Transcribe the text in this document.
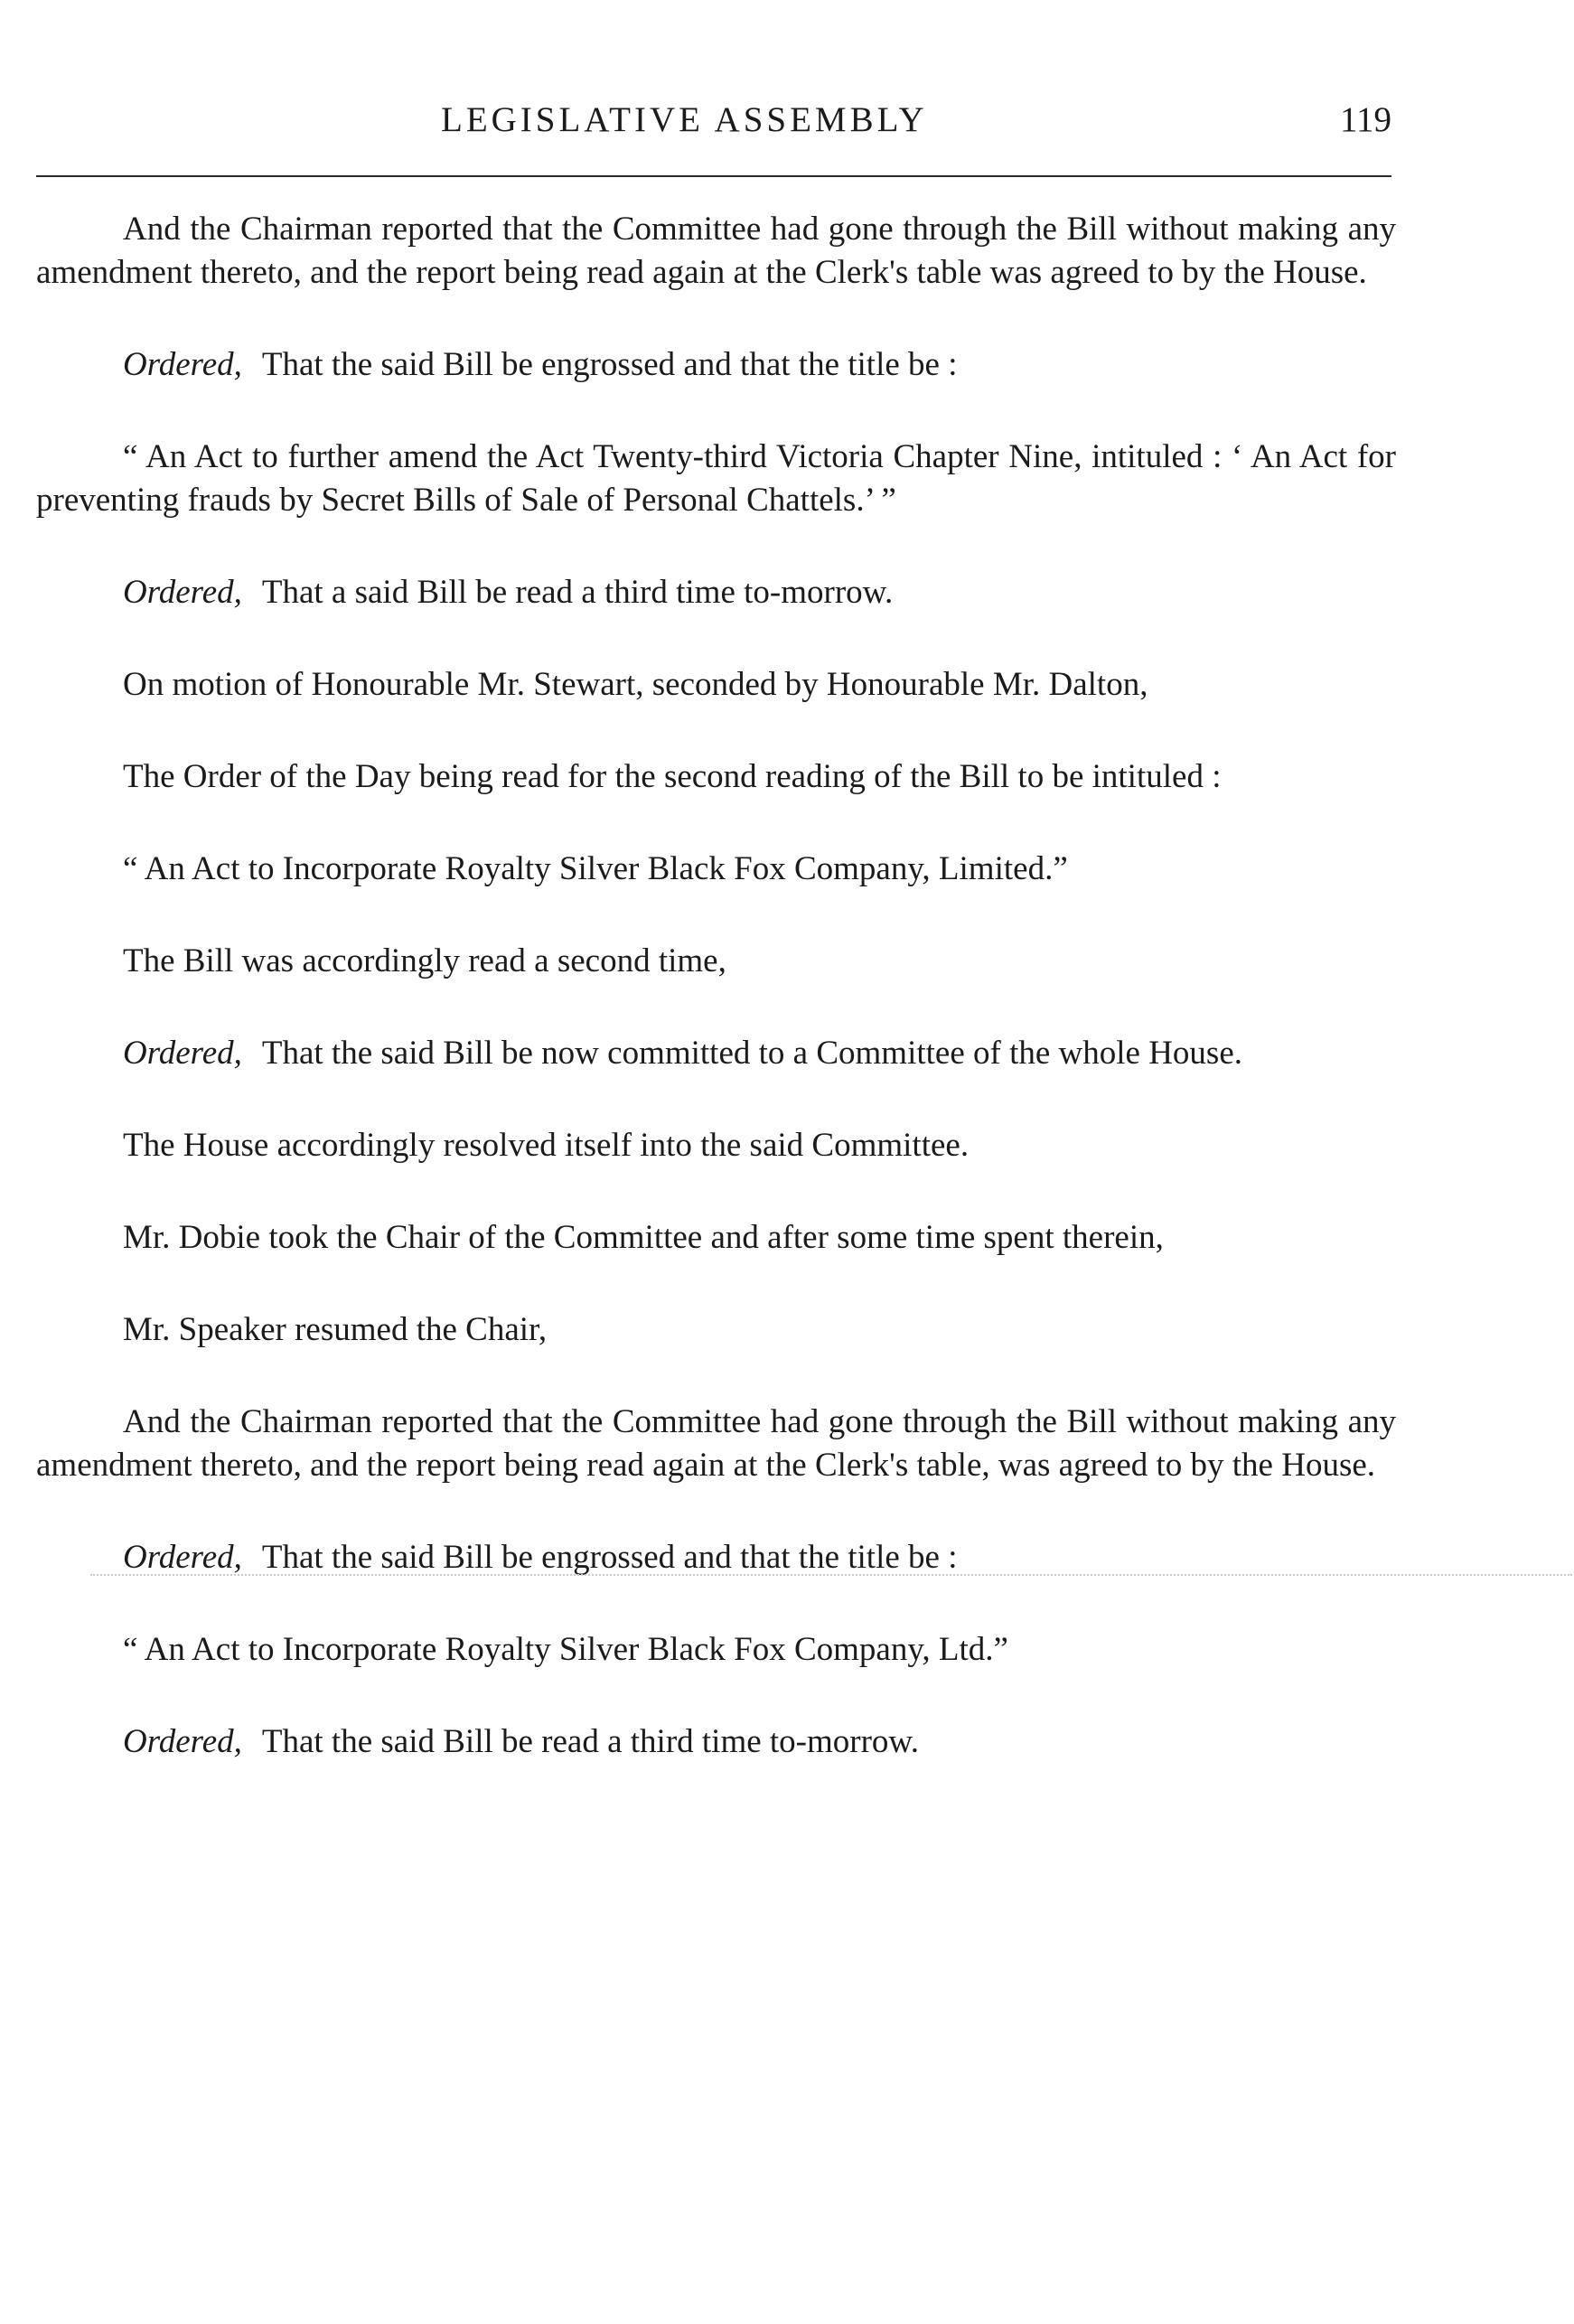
LEGISLATIVE ASSEMBLY	119

And the Chairman reported that the Committee had gone through the Bill without making any amendment thereto, and the report being read again at the Clerk's table was agreed to by the House.

Ordered, That the said Bill be engrossed and that the title be :

“ An Act to further amend the Act Twenty-third Victoria Chapter Nine, intituled : ‘ An Act for preventing frauds by Secret Bills of Sale of Personal Chattels.’ ”

Ordered, That a said Bill be read a third time to-morrow.

On motion of Honourable Mr. Stewart, seconded by Honourable Mr. Dalton,

The Order of the Day being read for the second reading of the Bill to be intituled :

“ An Act to Incorporate Royalty Silver Black Fox Company, Limited.”

The Bill was accordingly read a second time,

Ordered, That the said Bill be now committed to a Committee of the whole House.

The House accordingly resolved itself into the said Committee.

Mr. Dobie took the Chair of the Committee and after some time spent therein,

Mr. Speaker resumed the Chair,

And the Chairman reported that the Committee had gone through the Bill without making any amendment thereto, and the report being read again at the Clerk's table, was agreed to by the House.

Ordered, That the said Bill be engrossed and that the title be :

“ An Act to Incorporate Royalty Silver Black Fox Company, Ltd.”

Ordered, That the said Bill be read a third time to-morrow.
